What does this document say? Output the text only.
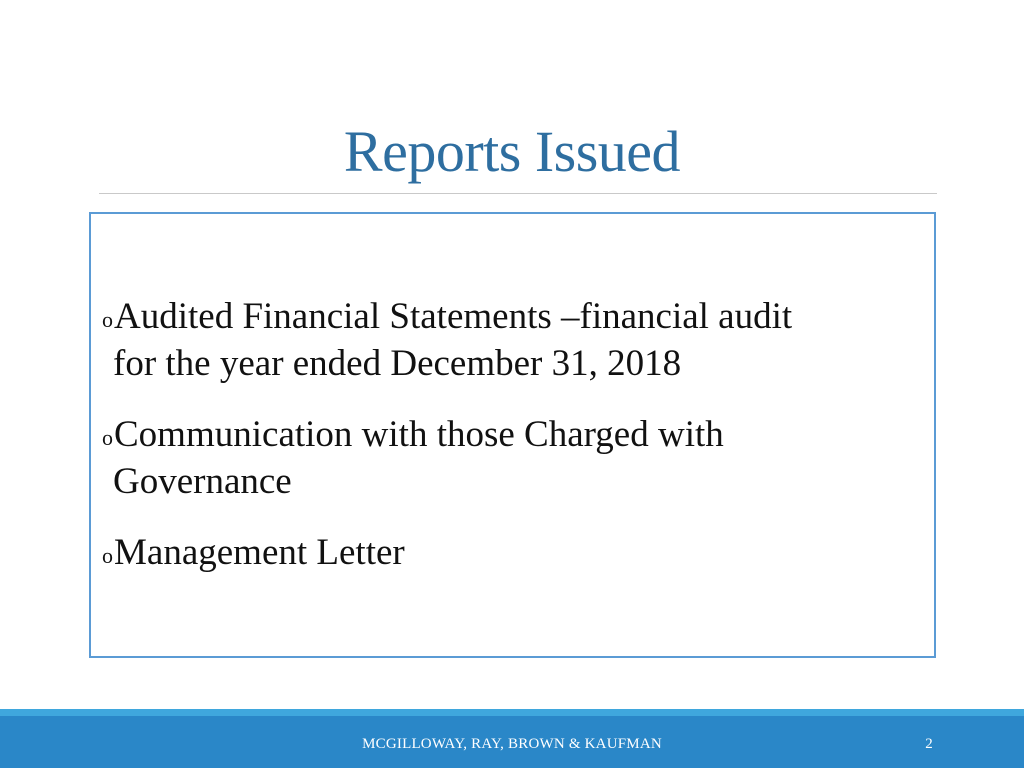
Reports Issued
oAudited Financial Statements –financial audit
for the year ended December 31, 2018
oCommunication with those Charged with
Governance
oManagement Letter
MCGILLOWAY, RAY, BROWN & KAUFMAN	2
